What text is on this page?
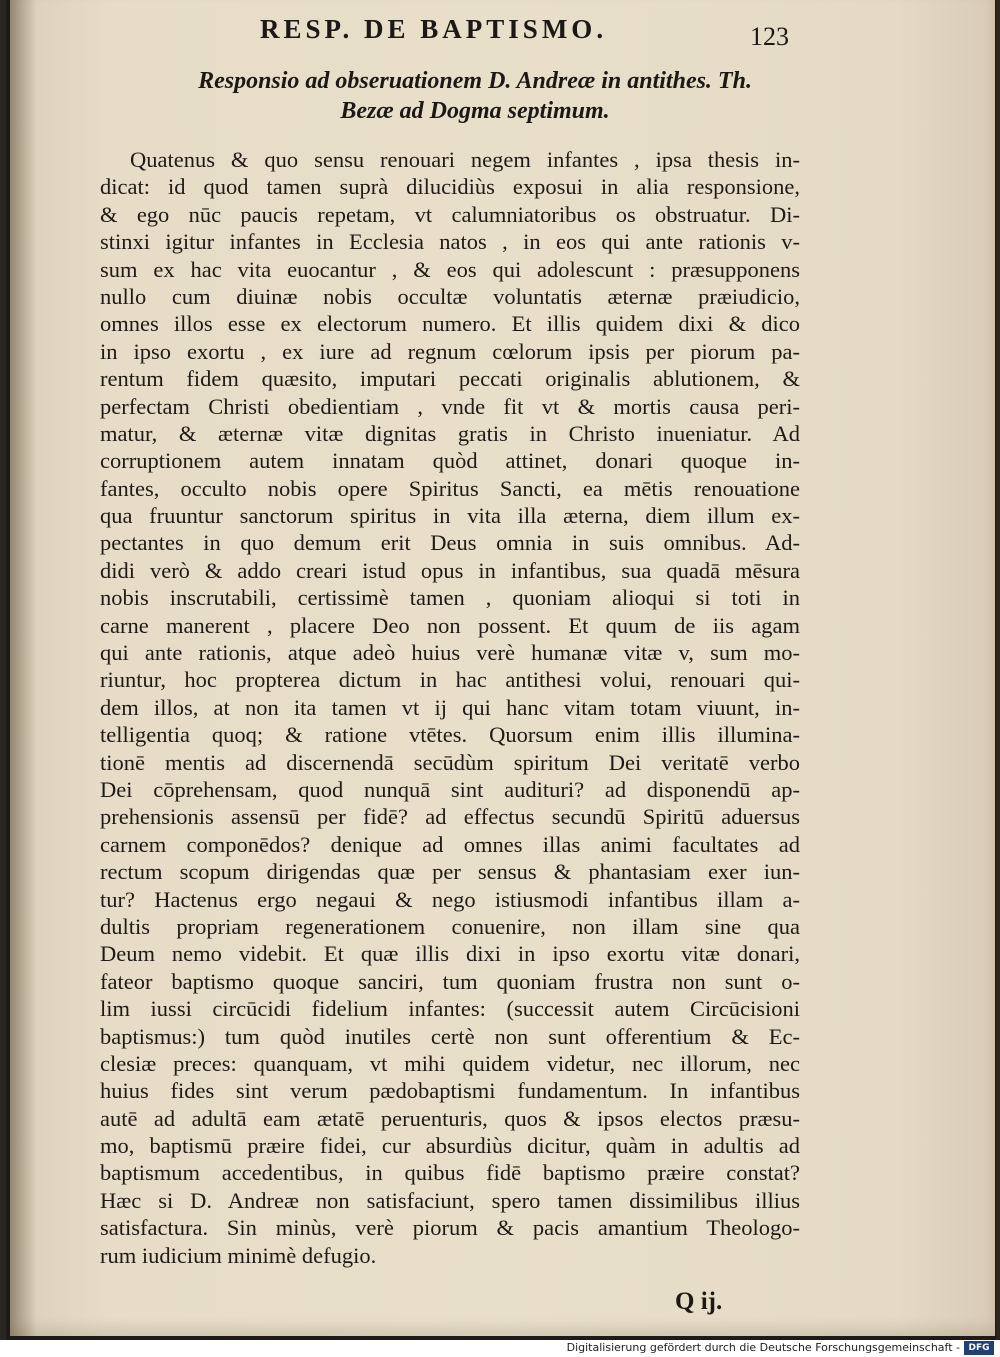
RESP. DE BAPTISMO.	123
Responsio ad obseruationem D. Andreæ in antithes. Th.
Bezæ ad Dogma septimum.
Quatenus & quo sensu renouari negem infantes , ipsa thesis in-
dicat: id quod tamen suprà dilucidiùs exposui in alia responsione,
& ego nūc paucis repetam, vt calumniatoribus os obstruatur. Di-
stinxi igitur infantes in Ecclesia natos , in eos qui ante rationis v-
sum ex hac vita euocantur , & eos qui adolescunt : præsupponens
nullo cum diuinæ nobis occultæ voluntatis æternæ præiudicio,
omnes illos esse ex electorum numero. Et illis quidem dixi & dico
in ipso exortu , ex iure ad regnum cœlorum ipsis per piorum pa-
rentum fidem quæsito, imputari peccati originalis ablutionem, &
perfectam Christi obedientiam , vnde fit vt & mortis causa peri-
matur, & æternæ vitæ dignitas gratis in Christo inueniatur. Ad
corruptionem autem innatam quòd attinet, donari quoque in-
fantes, occulto nobis opere Spiritus Sancti, ea mētis renouatione
qua fruuntur sanctorum spiritus in vita illa æterna, diem illum ex-
pectantes in quo demum erit Deus omnia in suis omnibus. Ad-
didi verò & addo creari istud opus in infantibus, sua quadā mēsura
nobis inscrutabili, certissimè tamen , quoniam alioqui si toti in
carne manerent , placere Deo non possent. Et quum de iis agam
qui ante rationis, atque adeò huius verè humanæ vitæ v, sum mo-
riuntur, hoc propterea dictum in hac antithesi volui, renouari qui-
dem illos, at non ita tamen vt ij qui hanc vitam totam viuunt, in-
telligentia quoq; & ratione vtētes. Quorsum enim illis illumina-
tionē mentis ad discernendā secūdùm spiritum Dei veritatē verbo
Dei cōprehensam, quod nunquā sint audituri? ad disponendū ap-
prehensionis assensū per fidē? ad effectus secundū Spiritū aduersus
carnem componēdos? denique ad omnes illas animi facultates ad
rectum scopum dirigendas quæ per sensus & phantasiam exer iun-
tur? Hactenus ergo negaui & nego istiusmodi infantibus illam a-
dultis propriam regenerationem conuenire, non illam sine qua
Deum nemo videbit. Et quæ illis dixi in ipso exortu vitæ donari,
fateor baptismo quoque sanciri, tum quoniam frustra non sunt o-
lim iussi circūcidi fidelium infantes: (successit autem Circūcisioni
baptismus:) tum quòd inutiles certè non sunt offerentium & Ec-
clesiæ preces: quanquam, vt mihi quidem videtur, nec illorum, nec
huius fides sint verum pædobaptismi fundamentum. In infantibus
autē ad adultā eam ætatē peruenturis, quos & ipsos electos præsu-
mo, baptismū præire fidei, cur absurdiùs dicitur, quàm in adultis ad
baptismum accedentibus, in quibus fidē baptismo præire constat?
Hæc si D. Andreæ non satisfaciunt, spero tamen dissimilibus illius
satisfactura. Sin minùs, verè piorum & pacis amantium Theologo-
rum iudicium minimè defugio.
Q ij.
Digitalisierung gefördert durch die Deutsche Forschungsgemeinschaft - DFG
